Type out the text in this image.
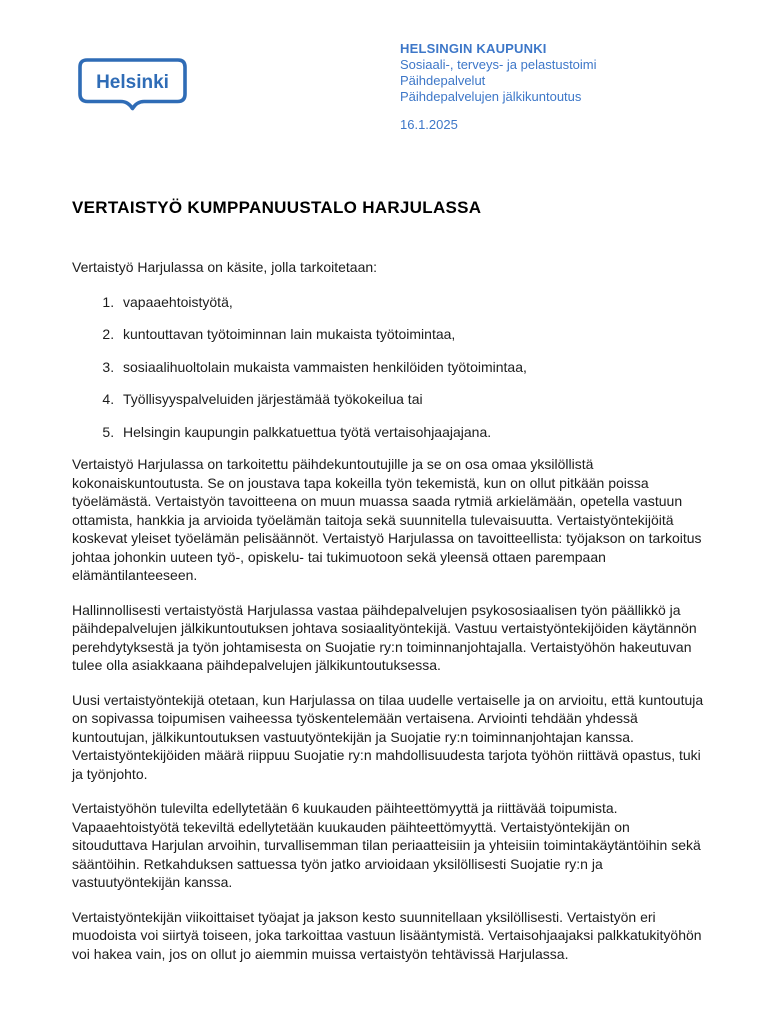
Helsinki
HELSINGIN KAUPUNKI
Sosiaali-, terveys- ja pelastustoimi
Päihdepalvelut
Päihdepalvelujen jälkikuntoutus
16.1.2025
VERTAISTYÖ KUMPPANUUSTALO HARJULASSA

Vertaistyö Harjulassa on käsite, jolla tarkoitetaan:

1. vapaaehtoistyötä,
2. kuntouttavan työtoiminnan lain mukaista työtoimintaa,
3. sosiaalihuoltolain mukaista vammaisten henkilöiden työtoimintaa,
4. Työllisyyspalveluiden järjestämää työkokeilua tai
5. Helsingin kaupungin palkkatuettua työtä vertaisohjaajajana.

Vertaistyö Harjulassa on tarkoitettu päihdekuntoutujille ja se on osa omaa yksilöllistä kokonaiskuntoutusta. Se on joustava tapa kokeilla työn tekemistä, kun on ollut pitkään poissa työelämästä. Vertaistyön tavoitteena on muun muassa saada rytmiä arkielämään, opetella vastuun ottamista, hankkia ja arvioida työelämän taitoja sekä suunnitella tulevaisuutta. Vertaistyöntekijöitä koskevat yleiset työelämän pelisäännöt. Vertaistyö Harjulassa on tavoitteellista: työjakson on tarkoitus johtaa johonkin uuteen työ-, opiskelu- tai tukimuotoon sekä yleensä ottaen parempaan elämäntilanteeseen.

Hallinnollisesti vertaistyöstä Harjulassa vastaa päihdepalvelujen psykososiaalisen työn päällikkö ja päihdepalvelujen jälkikuntoutuksen johtava sosiaalityöntekijä. Vastuu vertaistyöntekijöiden käytännön perehdytyksestä ja työn johtamisesta on Suojatie ry:n toiminnanjohtajalla. Vertaistyöhön hakeutuvan tulee olla asiakkaana päihdepalvelujen jälkikuntoutuksessa.

Uusi vertaistyöntekijä otetaan, kun Harjulassa on tilaa uudelle vertaiselle ja on arvioitu, että kuntoutuja on sopivassa toipumisen vaiheessa työskentelemään vertaisena. Arviointi tehdään yhdessä kuntoutujan, jälkikuntoutuksen vastuutyöntekijän ja Suojatie ry:n toiminnanjohtajan kanssa. Vertaistyöntekijöiden määrä riippuu Suojatie ry:n mahdollisuudesta tarjota työhön riittävä opastus, tuki ja työnjohto.

Vertaistyöhön tulevilta edellytetään 6 kuukauden päihteettömyyttä ja riittävää toipumista. Vapaaehtoistyötä tekeviltä edellytetään kuukauden päihteettömyyttä. Vertaistyöntekijän on sitouduttava Harjulan arvoihin, turvallisemman tilan periaatteisiin ja yhteisiin toimintakäytäntöihin sekä sääntöihin. Retkahduksen sattuessa työn jatko arvioidaan yksilöllisesti Suojatie ry:n ja vastuutyöntekijän kanssa.

Vertaistyöntekijän viikoittaiset työajat ja jakson kesto suunnitellaan yksilöllisesti. Vertaistyön eri muodoista voi siirtyä toiseen, joka tarkoittaa vastuun lisääntymistä. Vertaisohjaajaksi palkkatukityöhön voi hakea vain, jos on ollut jo aiemmin muissa vertaistyön tehtävissä Harjulassa.
